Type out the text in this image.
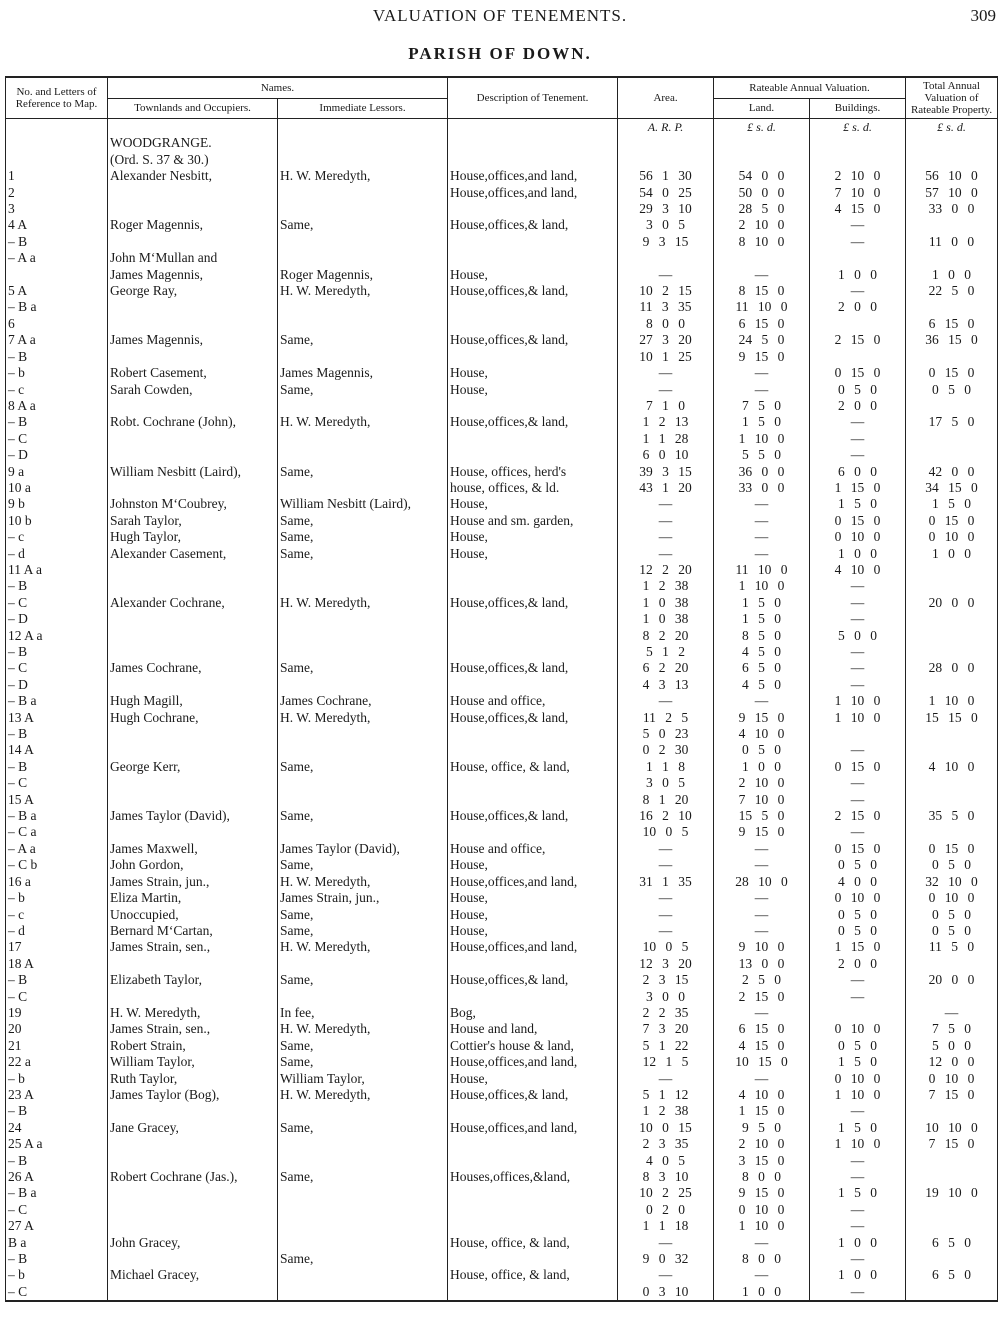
VALUATION OF TENEMENTS.	309
PARISH OF DOWN.
No. and Letters of Reference to Map.	Names.		Description of Tenement.	Area.	Rateable Annual Valuation.		Total Annual Valuation of Rateable Property.
	Townlands and Occupiers.	Immediate Lessors.			Land.	Buildings.	
				A. R. P.	£ s. d.	£ s. d.	£ s. d.
	WOODGRANGE.						
	(Ord. S. 37 & 30.)						
1	Alexander Nesbitt,	H. W. Meredyth,	House,offices,and land,	56 1 30	54 0 0	2 10 0	56 10 0
2			House,offices,and land,	54 0 25	50 0 0	7 10 0	57 10 0
3				29 3 10	28 5 0	4 15 0	33 0 0
4 A	Roger Magennis,	Same,	House,offices,& land,	3 0 5	2 10 0	—	
– B				9 3 15	8 10 0	—	11 0 0
– A a	John M‘Mullan and						
	James Magennis,	Roger Magennis,	House,	—	—	1 0 0	1 0 0
5 A	George Ray,	H. W. Meredyth,	House,offices,& land,	10 2 15	8 15 0	—	22 5 0
– B a				11 3 35	11 10 0	2 0 0	
6				8 0 0	6 15 0		6 15 0
7 A a	James Magennis,	Same,	House,offices,& land,	27 3 20	24 5 0	2 15 0	36 15 0
– B				10 1 25	9 15 0		
– b	Robert Casement,	James Magennis,	House,	—	—	0 15 0	0 15 0
– c	Sarah Cowden,	Same,	House,	—	—	0 5 0	0 5 0
8 A a				7 1 0	7 5 0	2 0 0	
– B	Robt. Cochrane (John),	H. W. Meredyth,	House,offices,& land,	1 2 13	1 5 0	—	17 5 0
– C				1 1 28	1 10 0	—	
– D				6 0 10	5 5 0	—	
9 a	William Nesbitt (Laird),	Same,	House, offices, herd's	39 3 15	36 0 0	6 0 0	42 0 0
10 a			house, offices, & ld.	43 1 20	33 0 0	1 15 0	34 15 0
9 b	Johnston M‘Coubrey,	William Nesbitt (Laird),	House,	—	—	1 5 0	1 5 0
10 b	Sarah Taylor,	Same,	House and sm. garden,	—	—	0 15 0	0 15 0
– c	Hugh Taylor,	Same,	House,	—	—	0 10 0	0 10 0
– d	Alexander Casement,	Same,	House,	—	—	1 0 0	1 0 0
11 A a				12 2 20	11 10 0	4 10 0	
– B				1 2 38	1 10 0	—	
– C	Alexander Cochrane,	H. W. Meredyth,	House,offices,& land,	1 0 38	1 5 0	—	20 0 0
– D				1 0 38	1 5 0	—	
12 A a				8 2 20	8 5 0	5 0 0	
– B				5 1 2	4 5 0	—	
– C	James Cochrane,	Same,	House,offices,& land,	6 2 20	6 5 0	—	28 0 0
– D				4 3 13	4 5 0	—	
– B a	Hugh Magill,	James Cochrane,	House and office,	—	—	1 10 0	1 10 0
13 A	Hugh Cochrane,	H. W. Meredyth,	House,offices,& land,	11 2 5	9 15 0	1 10 0	15 15 0
– B				5 0 23	4 10 0		
14 A				0 2 30	0 5 0	—	
– B	George Kerr,	Same,	House, office, & land,	1 1 8	1 0 0	0 15 0	4 10 0
– C				3 0 5	2 10 0	—	
15 A				8 1 20	7 10 0	—	
– B a	James Taylor (David),	Same,	House,offices,& land,	16 2 10	15 5 0	2 15 0	35 5 0
– C a				10 0 5	9 15 0	—	
– A a	James Maxwell,	James Taylor (David),	House and office,	—	—	0 15 0	0 15 0
– C b	John Gordon,	Same,	House,	—	—	0 5 0	0 5 0
16 a	James Strain, jun.,	H. W. Meredyth,	House,offices,and land,	31 1 35	28 10 0	4 0 0	32 10 0
– b	Eliza Martin,	James Strain, jun.,	House,	—	—	0 10 0	0 10 0
– c	Unoccupied,	Same,	House,	—	—	0 5 0	0 5 0
– d	Bernard M‘Cartan,	Same,	House,	—	—	0 5 0	0 5 0
17	James Strain, sen.,	H. W. Meredyth,	House,offices,and land,	10 0 5	9 10 0	1 15 0	11 5 0
18 A				12 3 20	13 0 0	2 0 0	
– B	Elizabeth Taylor,	Same,	House,offices,& land,	2 3 15	2 5 0	—	20 0 0
– C				3 0 0	2 15 0	—	
19	H. W. Meredyth,	In fee,	Bog,	2 2 35	—		—
20	James Strain, sen.,	H. W. Meredyth,	House and land,	7 3 20	6 15 0	0 10 0	7 5 0
21	Robert Strain,	Same,	Cottier's house & land,	5 1 22	4 15 0	0 5 0	5 0 0
22 a	William Taylor,	Same,	House,offices,and land,	12 1 5	10 15 0	1 5 0	12 0 0
– b	Ruth Taylor,	William Taylor,	House,	—	—	0 10 0	0 10 0
23 A	James Taylor (Bog),	H. W. Meredyth,	House,offices,& land,	5 1 12	4 10 0	1 10 0	7 15 0
– B				1 2 38	1 15 0	—	
24	Jane Gracey,	Same,	House,offices,and land,	10 0 15	9 5 0	1 5 0	10 10 0
25 A a				2 3 35	2 10 0	1 10 0	7 15 0
– B				4 0 5	3 15 0	—	
26 A	Robert Cochrane (Jas.),	Same,	Houses,offices,&land,	8 3 10	8 0 0	—	
– B a				10 2 25	9 15 0	1 5 0	19 10 0
– C				0 2 0	0 10 0	—	
27 A				1 1 18	1 10 0	—	
B a	John Gracey,		House, office, & land,	—	—	1 0 0	6 5 0
– B		Same,		9 0 32	8 0 0	—	
– b	Michael Gracey,		House, office, & land,	—	—	1 0 0	6 5 0
– C				0 3 10	1 0 0	—	
